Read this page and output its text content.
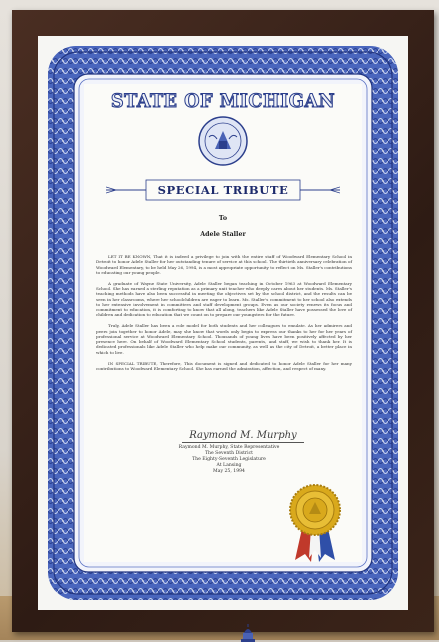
STATE OF MICHIGAN
SPECIAL TRIBUTE
To
Adele Staller

LET IT BE KNOWN, That it is indeed a privilege to join with the entire staff of Woodward Elementary School in Detroit to honor Adele Staller for her outstanding tenure of service at this school. The thirtieth anniversary celebration of Woodward Elementary, to be held May 26, 1994, is a most appropriate opportunity to reflect on Ms. Staller's contributions to educating our young people.

A graduate of Wayne State University, Adele Staller began teaching in October 1963 at Woodward Elementary School. She has earned a sterling reputation as a primary unit teacher who deeply cares about her students. Ms. Staller's teaching methods have also been successful in meeting the objectives set by the school district, and the results can be seen in her classrooms, where her schoolchildren are eager to learn. Ms. Staller's commitment to her school also extends to her extensive involvement in committees and staff development groups. Even as our society renews its focus and commitment to education, it is comforting to know that all along, teachers like Adele Staller have possessed the love of children and dedication to education that we count on to prepare our youngsters for the future.

Truly, Adele Staller has been a role model for both students and her colleagues to emulate. As her admirers and peers join together to honor Adele, may she know that words only begin to express our thanks to her for her years of professional service at Woodward Elementary School. Thousands of young lives have been positively affected by her presence here. On behalf of Woodward Elementary School students, parents, and staff, we wish to thank her. It is dedicated professionals like Adele Staller who help make our community, as well as the city of Detroit, a better place in which to live.

IN SPECIAL TRIBUTE, Therefore, This document is signed and dedicated to honor Adele Staller for her many contributions to Woodward Elementary School. She has earned the admiration, affection, and respect of many.

Raymond M. Murphy
Raymond M. Murphy, State Representative
The Seventh District
The Eighty-Seventh Legislature
At Lansing
May 25, 1994
